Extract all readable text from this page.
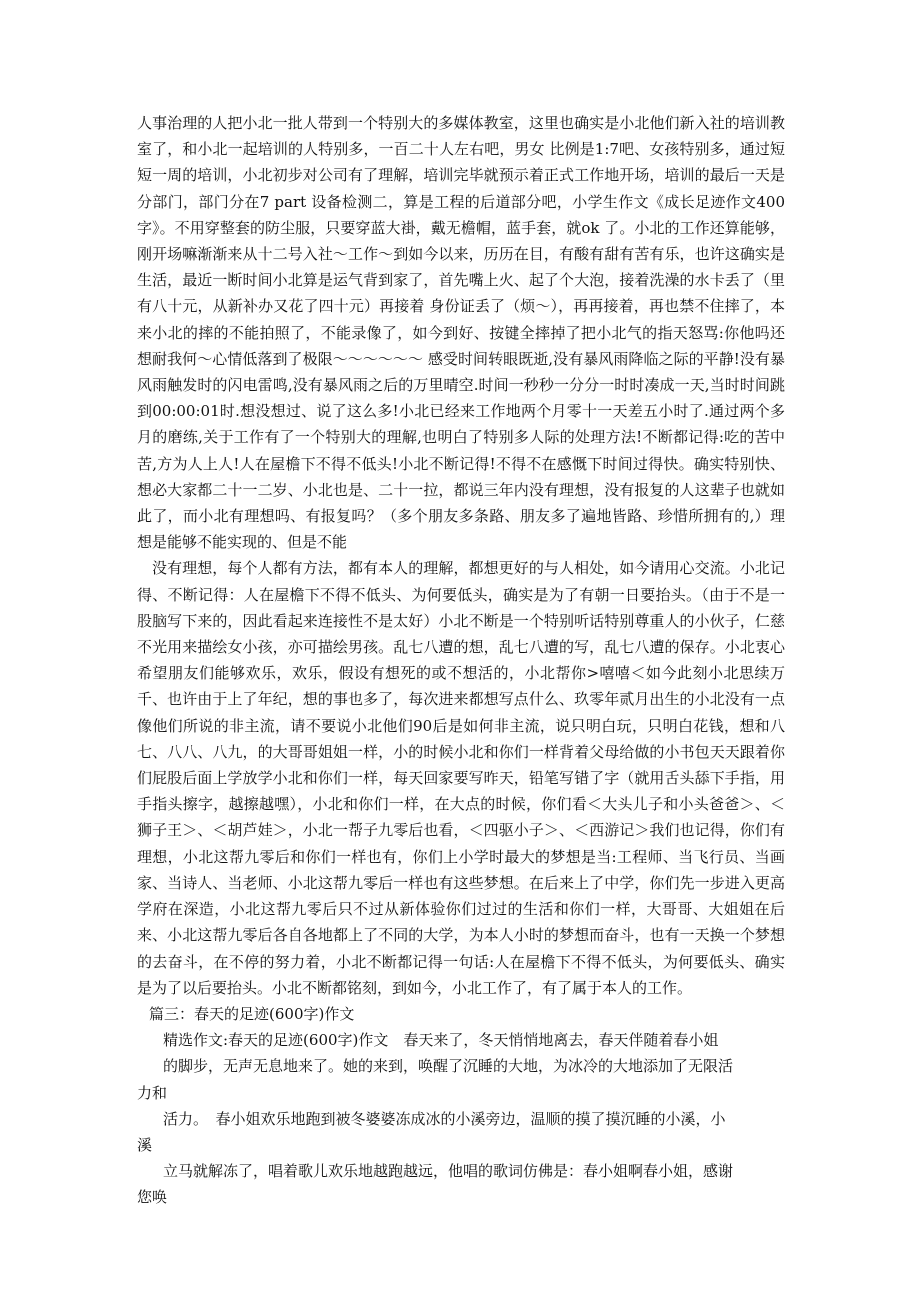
人事治理的人把小北一批人带到一个特别大的多媒体教室，这里也确实是小北他们新入社的培训教室了，和小北一起培训的人特别多，一百二十人左右吧，男女 比例是1:7吧、女孩特别多，通过短短一周的培训，小北初步对公司有了理解，培训完毕就预示着正式工作地开场，培训的最后一天是分部门，部门分在7 part 设备检测二，算是工程的后道部分吧，小学生作文《成长足迹作文400字》。不用穿整套的防尘服，只要穿蓝大褂，戴无檐帽，蓝手套，就ok 了。小北的工作还算能够，刚开场嘛渐渐来从十二号入社～工作～到如今以来，历历在目，有酸有甜有苦有乐，也许这确实是生活，最近一断时间小北算是运气背到家了，首先嘴上火、起了个大泡，接着洗澡的水卡丢了（里有八十元，从新补办又花了四十元）再接着 身份证丢了（烦～），再再接着，再也禁不住摔了，本来小北的摔的不能拍照了，不能录像了，如今到好、按键全摔掉了把小北气的指天怒骂:你他吗还想耐我何～心情低落到了极限～～～～～～ 感受时间转眼既逝,没有暴风雨降临之际的平静!没有暴风雨触发时的闪电雷鸣,没有暴风雨之后的万里晴空.时间一秒秒一分分一时时凑成一天,当时时间跳到00:00:01时.想没想过、说了这么多!小北已经来工作地两个月零十一天差五小时了.通过两个多月的磨练,关于工作有了一个特别大的理解,也明白了特别多人际的处理方法!不断都记得:吃的苦中苦,方为人上人!人在屋檐下不得不低头!小北不断记得!不得不在感慨下时间过得快。确实特别快、想必大家都二十一二岁、小北也是、二十一拉，都说三年内没有理想，没有报复的人这辈子也就如此了，而小北有理想吗、有报复吗？（多个朋友多条路、朋友多了遍地皆路、珍惜所拥有的,）理想是能够不能实现的、但是不能

没有理想，每个人都有方法，都有本人的理解，都想更好的与人相处，如今请用心交流。小北记得、不断记得：人在屋檐下不得不低头、为何要低头，确实是为了有朝一日要抬头。（由于不是一股脑写下来的，因此看起来连接性不是太好）小北不断是一个特别听话特别尊重人的小伙子，仁慈不光用来描绘女小孩，亦可描绘男孩。乱七八遭的想，乱七八遭的写，乱七八遭的保存。小北衷心希望朋友们能够欢乐，欢乐，假设有想死的或不想活的，小北帮你>嘻嘻＜如今此刻小北思续万千、也许由于上了年纪，想的事也多了，每次进来都想写点什么、玖零年贰月出生的小北没有一点像他们所说的非主流，请不要说小北他们90后是如何非主流，说只明白玩，只明白花钱，想和八七、八八、八九，的大哥哥姐姐一样，小的时候小北和你们一样背着父母给做的小书包天天跟着你们屁股后面上学放学小北和你们一样，每天回家要写昨天，铅笔写错了字（就用舌头舔下手指，用手指头擦字，越擦越嘿），小北和你们一样，在大点的时候，你们看＜大头儿子和小头爸爸＞、＜狮子王＞、＜胡芦娃＞，小北一帮子九零后也看，＜四驱小子＞、＜西游记＞我们也记得，你们有理想，小北这帮九零后和你们一样也有，你们上小学时最大的梦想是当:工程师、当飞行员、当画家、当诗人、当老师、小北这帮九零后一样也有这些梦想。在后来上了中学，你们先一步进入更高学府在深造，小北这帮九零后只不过从新体验你们过过的生活和你们一样，大哥哥、大姐姐在后来、小北这帮九零后各自各地都上了不同的大学，为本人小时的梦想而奋斗，也有一天换一个梦想的去奋斗，在不停的努力着，小北不断都记得一句话:人在屋檐下不得不低头，为何要低头、确实是为了以后要抬头。小北不断都铭刻，到如今，小北工作了，有了属于本人的工作。

篇三：春天的足迹(600字)作文

精选作文:春天的足迹(600字)作文　春天来了，冬天悄悄地离去，春天伴随着春小姐

的脚步，无声无息地来了。她的来到，唤醒了沉睡的大地，为冰冷的大地添加了无限活
力和

活力。　春小姐欢乐地跑到被冬婆婆冻成冰的小溪旁边，温顺的摸了摸沉睡的小溪，小
溪

立马就解冻了，唱着歌儿欢乐地越跑越远，他唱的歌词仿佛是：春小姐啊春小姐，感谢
您唤
